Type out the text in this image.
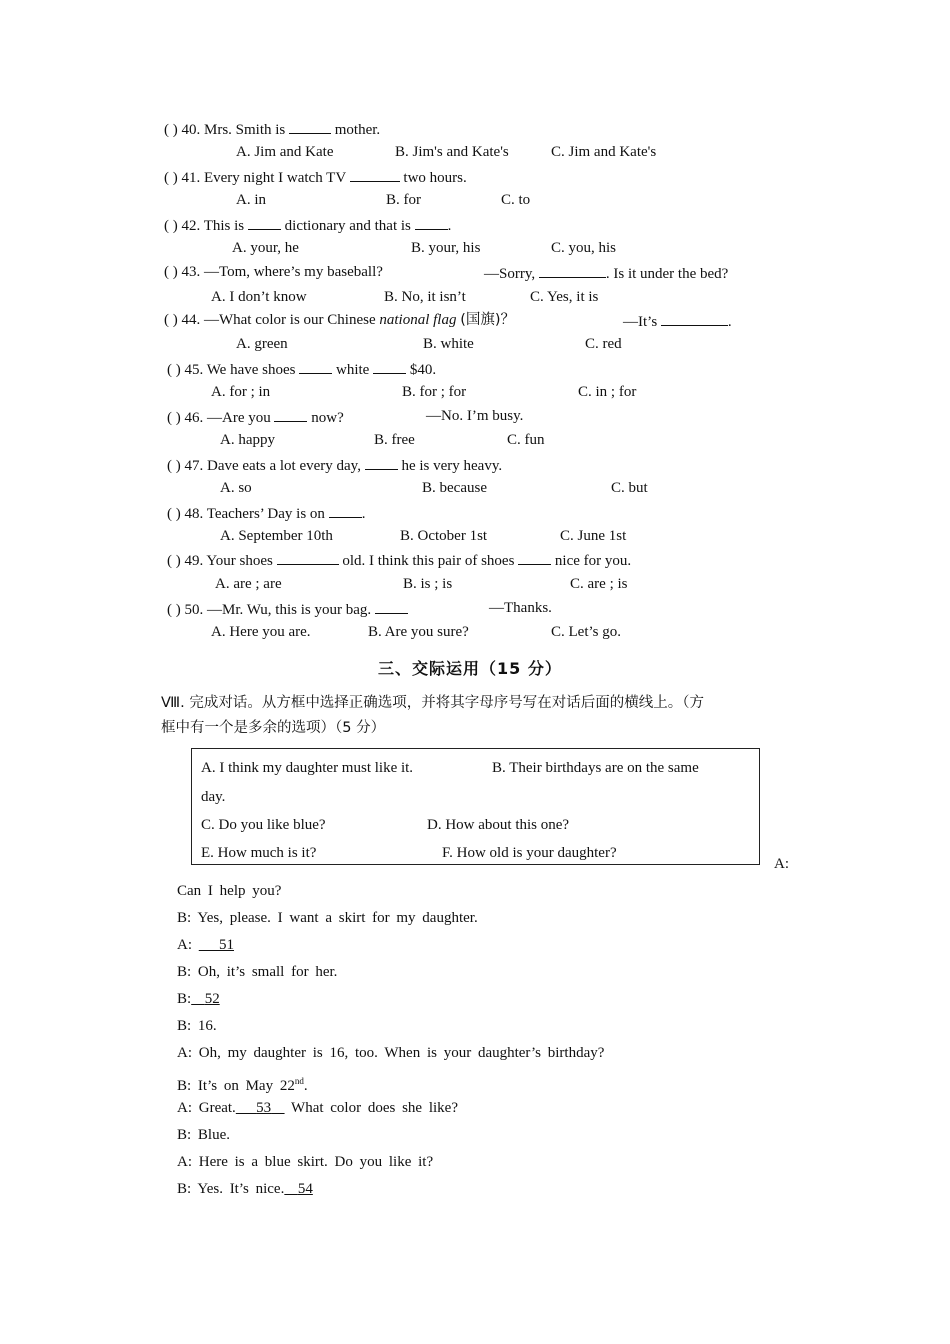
( ) 40. Mrs. Smith is	mother.
A. Jim and Kate	B. Jim's and Kate's	C. Jim and Kate's
( ) 41. Every night I watch TV	two hours.
A. in	B. for	C. to
( ) 42. This is  dictionary and that is .
A. your, he	B. your, his	C. you, his
( ) 43. —Tom, where’s my baseball?	—Sorry,	. Is it under the bed?
A. I don’t know	B. No, it isn’t	C. Yes, it is
( ) 44. —What color is our Chinese national flag (国旗)？	—It’s	.
A. green	B. white	C. red
( ) 45. We have shoes  white  $40.
A. for ; in	B. for ; for	C. in ; for
( ) 46. —Are you  now?	—No. I’m busy.
A. happy	B. free	C. fun
( ) 47. Dave eats a lot every day,  he is very heavy.
A. so	B. because	C. but
( ) 48. Teachers’ Day is on .
A. September 10th	B. October 1st	C. June 1st
( ) 49. Your shoes	old. I think this pair of shoes  nice for you.
A. are ; are	B. is ; is	C. are ; is
( ) 50. —Mr. Wu, this is your bag.	—Thanks.
A. Here you are.	B. Are you sure?	C. Let’s go.
三、交际运用（15 分）
Ⅷ. 完成对话。从方框中选择正确选项，并将其字母序号写在对话后面的横线上。（方
框中有一个是多余的选项）（5 分）
A. I think my daughter must like it.	B. Their birthdays are on the same
day.
C. Do you like blue?	D. How about this one?
E. How much is it?	F. How old is your daughter?
A:
Can I help you?
B: Yes, please. I want a skirt for my daughter.
A:    51
B: Oh, it’s small for her.
B: 52
B: 16.
A: Oh, my daughter is 16, too. When is your daughter’s birthday?
B: It’s on May 22nd.
A: Great. 53   What color does she like?
B: Blue.
A: Here is a blue skirt. Do you like it?
B: Yes. It’s nice. 54
